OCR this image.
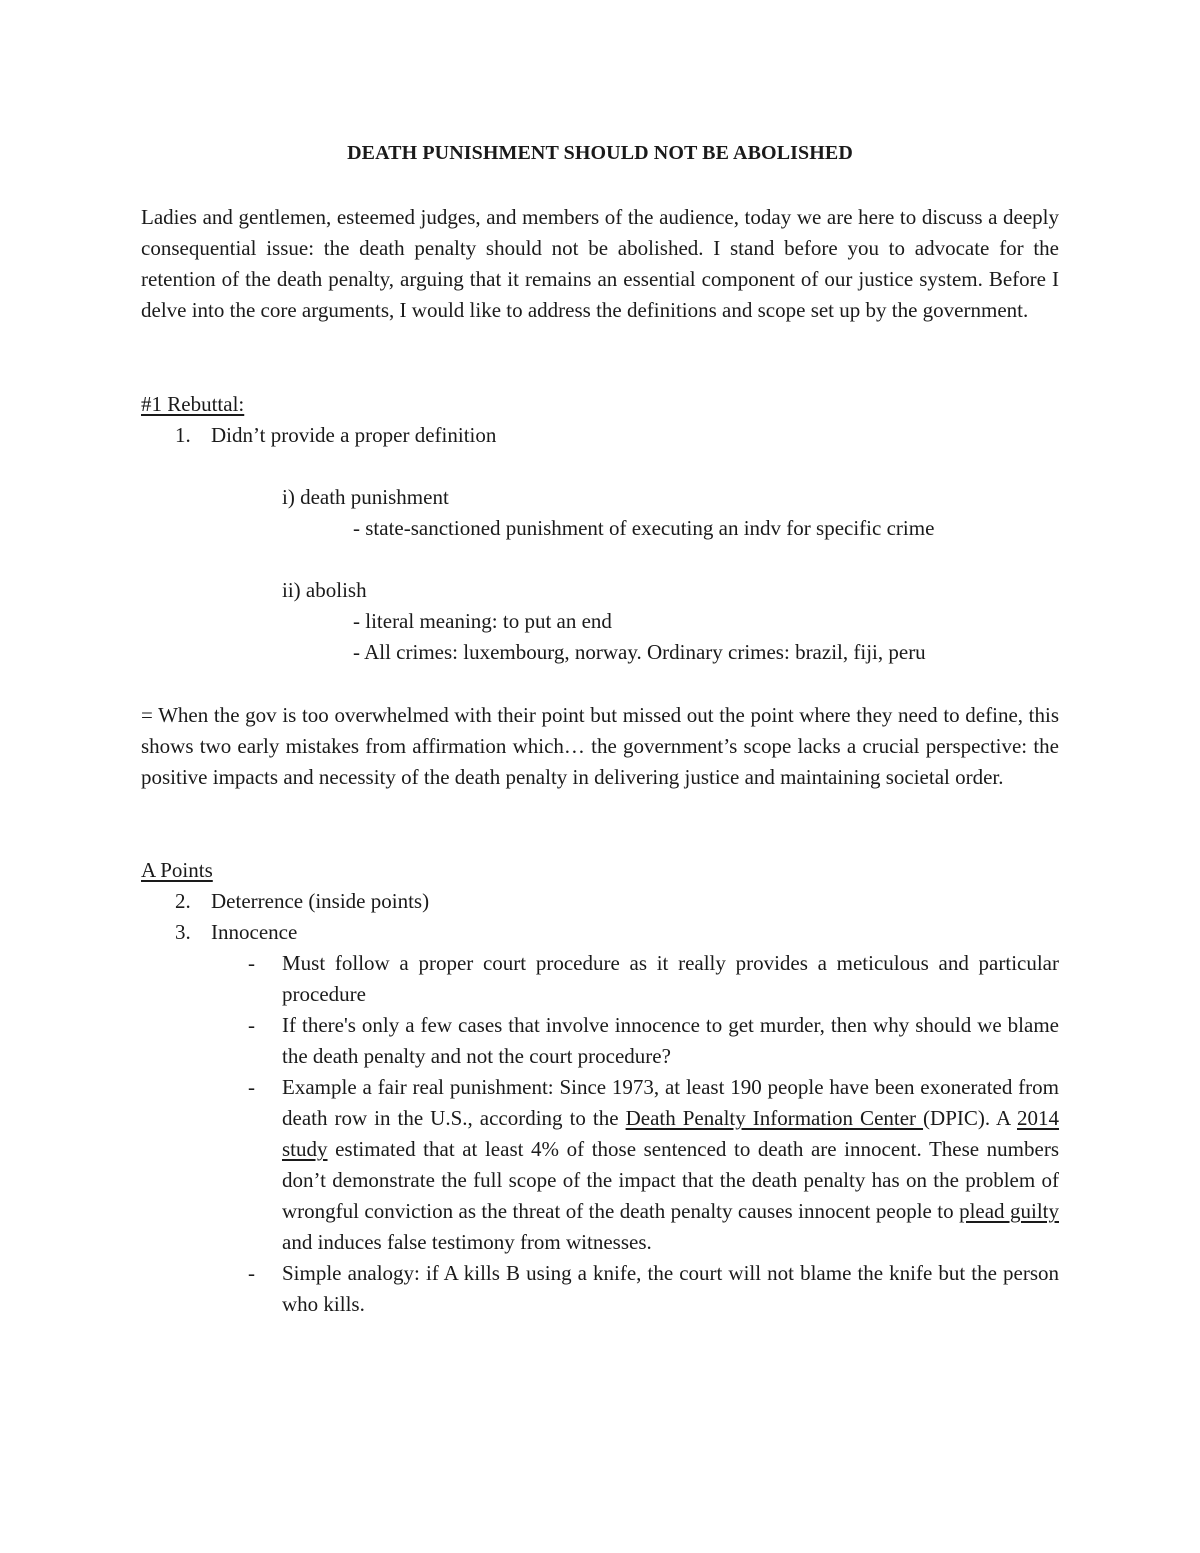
DEATH PUNISHMENT SHOULD NOT BE ABOLISHED

Ladies and gentlemen, esteemed judges, and members of the audience, today we are here to discuss a deeply consequential issue: the death penalty should not be abolished. I stand before you to advocate for the retention of the death penalty, arguing that it remains an essential component of our justice system. Before I delve into the core arguments, I would like to address the definitions and scope set up by the government.

#1 Rebuttal:
1. Didn’t provide a proper definition
i) death punishment
- state-sanctioned punishment of executing an indv for specific crime
ii) abolish
- literal meaning: to put an end
- All crimes: luxembourg, norway. Ordinary crimes: brazil, fiji, peru

= When the gov is too overwhelmed with their point but missed out the point where they need to define, this shows two early mistakes from affirmation which… the government’s scope lacks a crucial perspective: the positive impacts and necessity of the death penalty in delivering justice and maintaining societal order.

A Points
2. Deterrence (inside points)
3. Innocence
- Must follow a proper court procedure as it really provides a meticulous and particular procedure
- If there's only a few cases that involve innocence to get murder, then why should we blame the death penalty and not the court procedure?
- Example a fair real punishment: Since 1973, at least 190 people have been exonerated from death row in the U.S., according to the Death Penalty Information Center (DPIC). A 2014 study estimated that at least 4% of those sentenced to death are innocent. These numbers don’t demonstrate the full scope of the impact that the death penalty has on the problem of wrongful conviction as the threat of the death penalty causes innocent people to plead guilty and induces false testimony from witnesses.
- Simple analogy: if A kills B using a knife, the court will not blame the knife but the person who kills.
